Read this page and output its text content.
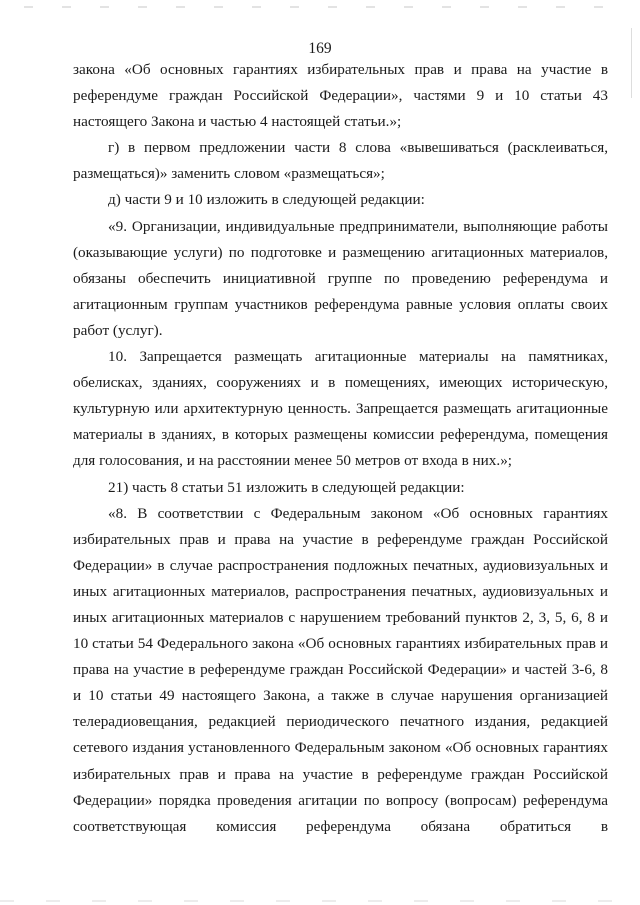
169
закона «Об основных гарантиях избирательных прав и права на участие в
референдуме граждан Российской Федерации», частями 9 и 10 статьи 43
настоящего Закона и частью 4 настоящей статьи.»;
г) в первом предложении части 8 слова «вывешиваться (расклеиваться,
размещаться)» заменить словом «размещаться»;
д) части 9 и 10 изложить в следующей редакции:
«9. Организации, индивидуальные предприниматели, выполняющие работы
(оказывающие услуги) по подготовке и размещению агитационных материалов,
обязаны обеспечить инициативной группе по проведению референдума и
агитационным группам участников референдума равные условия оплаты своих
работ (услуг).
10. Запрещается размещать агитационные материалы на памятниках,
обелисках, зданиях, сооружениях и в помещениях, имеющих историческую,
культурную или архитектурную ценность. Запрещается размещать агитационные
материалы в зданиях, в которых размещены комиссии референдума, помещения
для голосования, и на расстоянии менее 50 метров от входа в них.»;
21) часть 8 статьи 51 изложить в следующей редакции:
«8. В соответствии с Федеральным законом «Об основных гарантиях
избирательных прав и права на участие в референдуме граждан Российской
Федерации» в случае распространения подложных печатных, аудиовизуальных и
иных агитационных материалов, распространения печатных, аудиовизуальных и
иных агитационных материалов с нарушением требований пунктов 2, 3, 5, 6, 8 и
10 статьи 54 Федерального закона «Об основных гарантиях избирательных прав и
права на участие в референдуме граждан Российской Федерации» и частей 3-6, 8
и 10 статьи 49 настоящего Закона, а также в случае нарушения организацией
телерадиовещания, редакцией периодического печатного издания, редакцией
сетевого издания установленного Федеральным законом «Об основных гарантиях
избирательных прав и права на участие в референдуме граждан Российской
Федерации» порядка проведения агитации по вопросу (вопросам) референдума
соответствующая комиссия референдума обязана обратиться в
